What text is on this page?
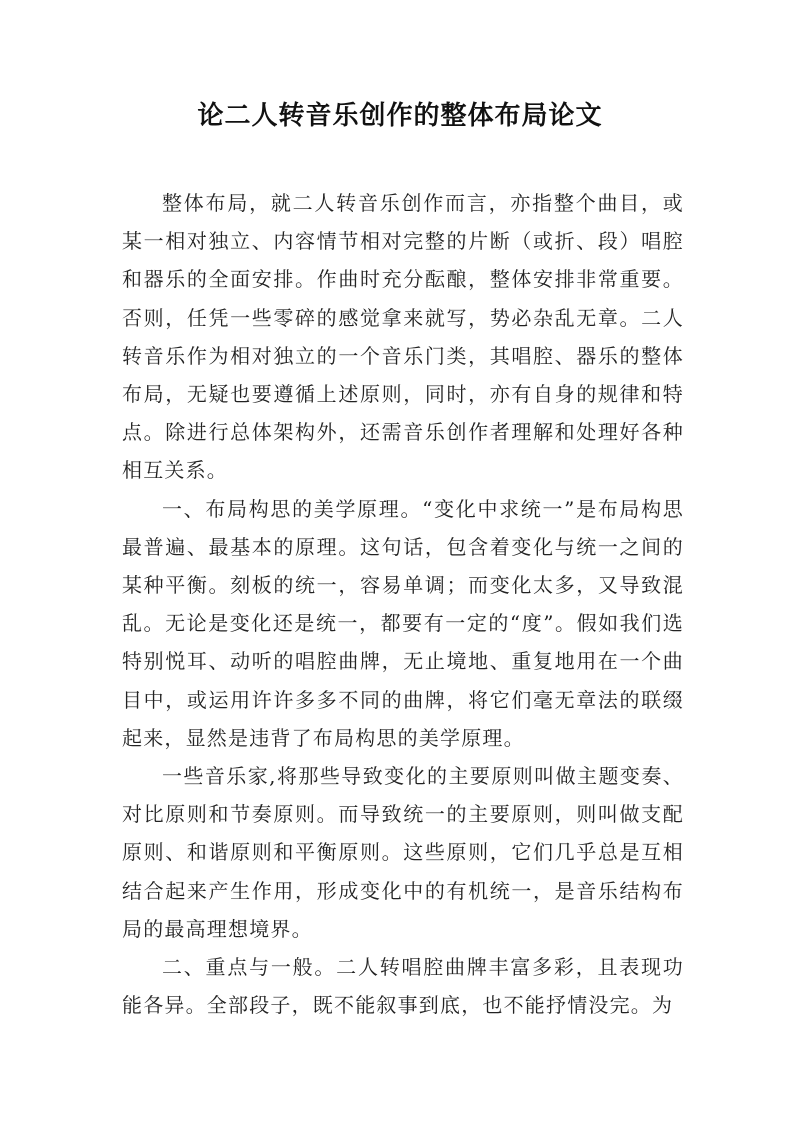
论二人转音乐创作的整体布局论文

整体布局，就二人转音乐创作而言，亦指整个曲目，或某一相对独立、内容情节相对完整的片断（或折、段）唱腔和器乐的全面安排。作曲时充分酝酿，整体安排非常重要。否则，任凭一些零碎的感觉拿来就写，势必杂乱无章。二人转音乐作为相对独立的一个音乐门类，其唱腔、器乐的整体布局，无疑也要遵循上述原则，同时，亦有自身的规律和特点。除进行总体架构外，还需音乐创作者理解和处理好各种相互关系。

一、布局构思的美学原理。“变化中求统一”是布局构思最普遍、最基本的原理。这句话，包含着变化与统一之间的某种平衡。刻板的统一，容易单调；而变化太多，又导致混乱。无论是变化还是统一，都要有一定的“度”。假如我们选特别悦耳、动听的唱腔曲牌，无止境地、重复地用在一个曲目中，或运用许许多多不同的曲牌，将它们毫无章法的联缀起来，显然是违背了布局构思的美学原理。

一些音乐家,将那些导致变化的主要原则叫做主题变奏、对比原则和节奏原则。而导致统一的主要原则，则叫做支配原则、和谐原则和平衡原则。这些原则，它们几乎总是互相结合起来产生作用，形成变化中的有机统一，是音乐结构布局的最高理想境界。

二、重点与一般。二人转唱腔曲牌丰富多彩，且表现功能各异。全部段子，既不能叙事到底，也不能抒情没完。为
